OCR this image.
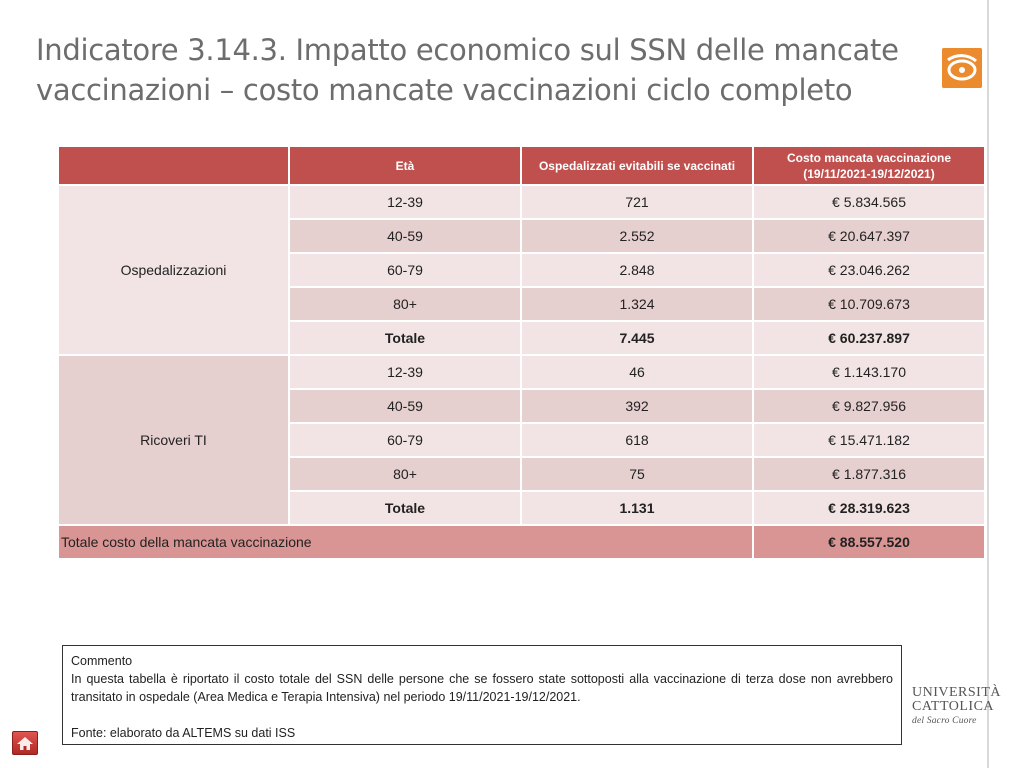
Indicatore 3.14.3. Impatto economico sul SSN delle mancate
vaccinazioni – costo mancate vaccinazioni ciclo completo
	Età	Ospedalizzati evitabili se vaccinati	Costo mancata vaccinazione
(19/11/2021-19/12/2021)
Ospedalizzazioni	12-39	721	€ 5.834.565
	40-59	2.552	€ 20.647.397
	60-79	2.848	€ 23.046.262
	80+	1.324	€ 10.709.673
	Totale	7.445	€ 60.237.897
Ricoveri TI	12-39	46	€ 1.143.170
	40-59	392	€ 9.827.956
	60-79	618	€ 15.471.182
	80+	75	€ 1.877.316
	Totale	1.131	€ 28.319.623
Totale costo della mancata vaccinazione			€ 88.557.520
Commento
In questa tabella è riportato il costo totale del SSN delle persone che se fossero state sottoposti alla vaccinazione di terza dose non avrebbero transitato in ospedale (Area Medica e Terapia Intensiva) nel periodo 19/11/2021-19/12/2021.
Fonte: elaborato da ALTEMS su dati ISS
UNIVERSITÀ
CATTOLICA
del Sacro Cuore
